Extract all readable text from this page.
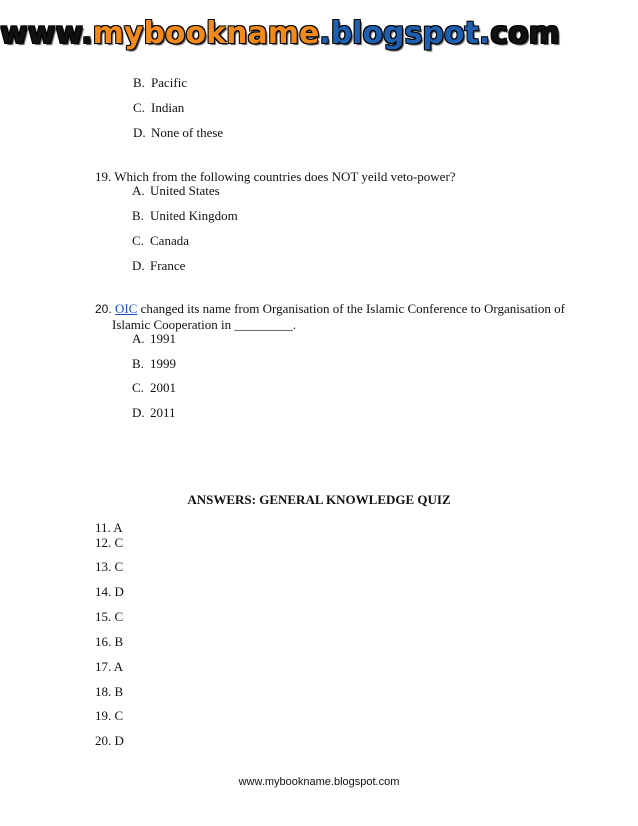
www.mybookname.blogspot.com
B. Pacific
C. Indian
D. None of these
19. Which from the following countries does NOT yeild veto-power?
A. United States
B. United Kingdom
C. Canada
D. France
20. OIC changed its name from Organisation of the Islamic Conference to Organisation of
Islamic Cooperation in _________.
A. 1991
B. 1999
C. 2001
D. 2011
ANSWERS: GENERAL KNOWLEDGE QUIZ
11. A
12. C
13. C
14. D
15. C
16. B
17. A
18. B
19. C
20. D
www.mybookname.blogspot.com
